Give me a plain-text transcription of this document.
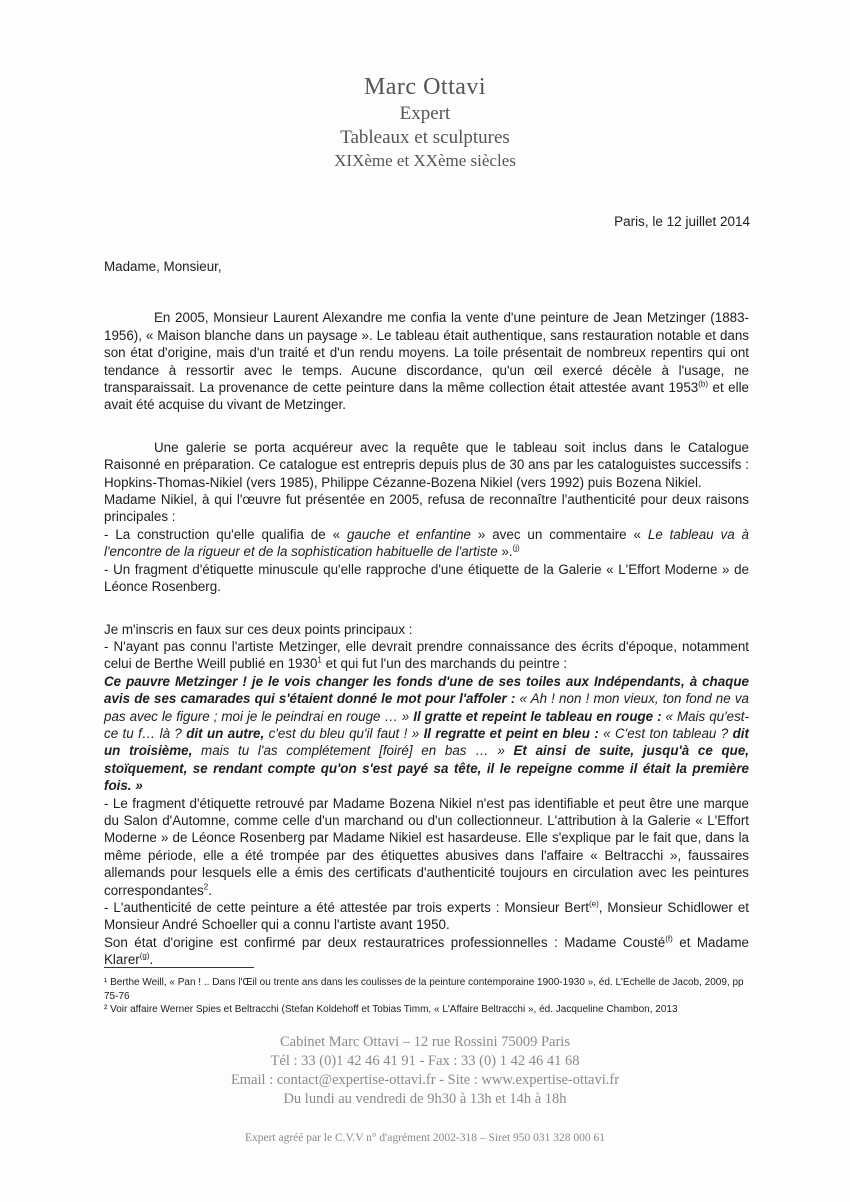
Marc Ottavi
Expert
Tableaux et sculptures
XIXème et XXème siècles
Paris, le 12 juillet 2014

Madame, Monsieur,

En 2005, Monsieur Laurent Alexandre me confia la vente d'une peinture de Jean Metzinger (1883-1956), « Maison blanche dans un paysage ». Le tableau était authentique, sans restauration notable et dans son état d'origine, mais d'un traité et d'un rendu moyens. La toile présentait de nombreux repentirs qui ont tendance à ressortir avec le temps. Aucune discordance, qu'un œil exercé décèle à l'usage, ne transparaissait. La provenance de cette peinture dans la même collection était attestée avant 1953$^{(b)}$ et elle avait été acquise du vivant de Metzinger.

Une galerie se porta acquéreur avec la requête que le tableau soit inclus dans le Catalogue Raisonné en préparation. Ce catalogue est entrepris depuis plus de 30 ans par les cataloguistes successifs : Hopkins-Thomas-Nikiel (vers 1985), Philippe Cézanne-Bozena Nikiel (vers 1992) puis Bozena Nikiel.

Madame Nikiel, à qui l'œuvre fut présentée en 2005, refusa de reconnaître l'authenticité pour deux raisons principales :

- La construction qu'elle qualifia de « gauche et enfantine » avec un commentaire « Le tableau va à l'encontre de la rigueur et de la sophistication habituelle de l'artiste ».$^{(j)}$

- Un fragment d'étiquette minuscule qu'elle rapproche d'une étiquette de la Galerie « L'Effort Moderne » de Léonce Rosenberg.

Je m'inscris en faux sur ces deux points principaux :

- N'ayant pas connu l'artiste Metzinger, elle devrait prendre connaissance des écrits d'époque, notamment celui de Berthe Weill publié en 1930$^1$ et qui fut l'un des marchands du peintre :

Ce pauvre Metzinger ! je le vois changer les fonds d'une de ses toiles aux Indépendants, à chaque avis de ses camarades qui s'étaient donné le mot pour l'affoler : « Ah ! non ! mon vieux, ton fond ne va pas avec le figure ; moi je le peindrai en rouge … » Il gratte et repeint le tableau en rouge : « Mais qu'est-ce tu f… là ? dit un autre, c'est du bleu qu'il faut ! » Il regratte et peint en bleu : « C'est ton tableau ? dit un troisième, mais tu l'as complétement [foiré] en bas … » Et ainsi de suite, jusqu'à ce que, stoïquement, se rendant compte qu'on s'est payé sa tête, il le repeigne comme il était la première fois. »

- Le fragment d'étiquette retrouvé par Madame Bozena Nikiel n'est pas identifiable et peut être une marque du Salon d'Automne, comme celle d'un marchand ou d'un collectionneur. L'attribution à la Galerie « L'Effort Moderne » de Léonce Rosenberg par Madame Nikiel est hasardeuse. Elle s'explique par le fait que, dans la même période, elle a été trompée par des étiquettes abusives dans l'affaire « Beltracchi », faussaires allemands pour lesquels elle a émis des certificats d'authenticité toujours en circulation avec les peintures correspondantes$^2$.

- L'authenticité de cette peinture a été attestée par trois experts : Monsieur Bert$^{(e)}$, Monsieur Schidlower et Monsieur André Schoeller qui a connu l'artiste avant 1950.

Son état d'origine est confirmé par deux restauratrices professionnelles : Madame Cousté$^{(f)}$ et Madame Klarer$^{(g)}$.

¹ Berthe Weill, « Pan ! .. Dans l'Œil ou trente ans dans les coulisses de la peinture contemporaine 1900-1930 », éd. L'Echelle de Jacob, 2009, pp 75-76

² Voir affaire Werner Spies et Beltracchi (Stefan Koldehoff et Tobias Timm, « L'Affaire Beltracchi », éd. Jacqueline Chambon, 2013

Cabinet Marc Ottavi – 12 rue Rossini 75009 Paris
Tél : 33 (0)1 42 46 41 91 - Fax : 33 (0) 1 42 46 41 68
Email : contact@expertise-ottavi.fr - Site : www.expertise-ottavi.fr
Du lundi au vendredi de 9h30 à 13h et 14h à 18h
Expert agréé par le C.V.V n° d'agrément 2002-318 – Siret 950 031 328 000 61
